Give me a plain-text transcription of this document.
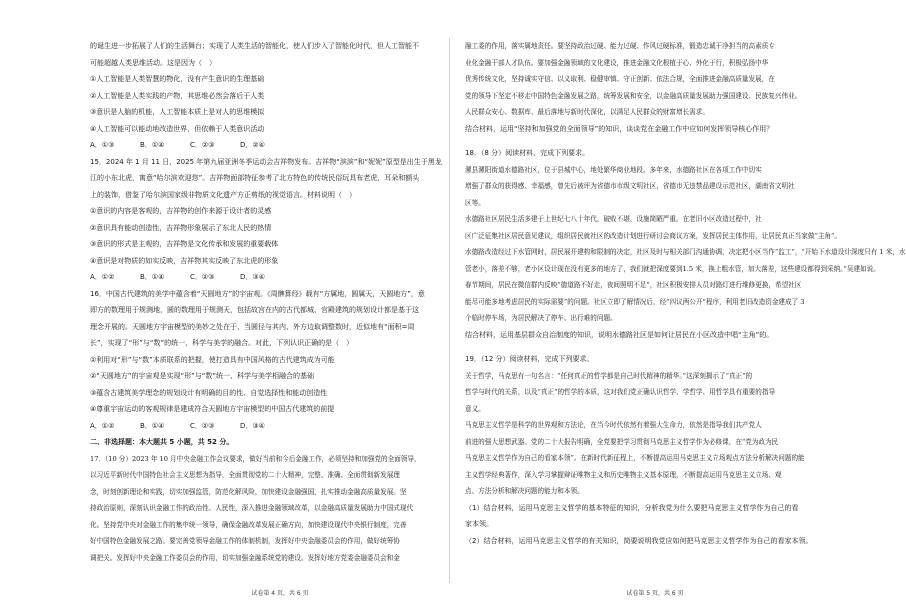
的诞生进一步拓展了人们的生活舞台；实现了人类生活的智能化，使人们步入了智能化时代，但人工智能不

可能超越人类思维活动。这是因为（　）

①人工智能是人类智慧的物化，没有产生意识的生理基础

②人工智能是人类实践的产物，其思维必然会落后于人类

③意识是人脑的机能，人工智能本质上是对人的思维模拟

④人工智能可以能动地改造世界，但依赖于人类意识活动

A．①③	B．①④	C．②③	D．②④

15．2024 年 1 月 11 日，2025 年第九届亚洲冬季运动会吉祥物发布。吉祥物“滨滨”和“妮妮”原型是出生于黑龙

江的小东北虎，寓意“哈尔滨欢迎您”。吉祥物面部特征参考了北方特色的传统民俗玩具布老虎，耳朵和额头

上的装饰，借鉴了哈尔滨国家级非物质文化遗产方正剪纸的视觉语言。材料说明（　）

①意识的内容是客观的，吉祥物的创作来源于设计者的灵感

②意识具有能动创造性，吉祥物形象展示了东北人民的热情

③意识的形式是主观的，吉祥物是文化传承和发展的重要载体

④意识是对物质的如实反映，吉祥物其实反映了东北虎的形象

A．①②	B．①④	C．②③	D．③④

16．中国古代建筑的美学中蕴含着“天圆地方”的宇宙观。《周髀算经》载有“方属地，圆属天，天圆地方”，意

即方的数理用于规测地，圆的数理用于规测天，包括故宫在内的古代都城、官殿建筑的规划设计都是基于这

理念开展的。天圆地方宇宙模型的美妙之处在于，当圆径与其内、外方边取调整数时，近似地有“面积=周

长”，实现了“形”与“数”的统一，科学与美学的融合。对此，下列认识正确的是（　）

①利用对“形”与“数”本质联系的把握，使打造具有中国风格的古代建筑成为可能

②“天圆地方”的宇宙观是实现“形”与“数”统一、科学与美学相融合的基础

③蕴含古建筑美学理念的规划设计有明确的目的性、自觉选择性和能动创造性

④尊重宇宙运动的客观规律是建成符合天圆地方宇宙模型的中国古代建筑的前提

A．①②	B．①④	C．②③	D．③④

二、非选择题：本大题共 5 小题，共 52 分。

17．（10 分）2023 年 10 月中央金融工作会议要求，做好当前和今后金融工作，必须坚持和加强党的全面领导，

以习近平新时代中国特色社会主义思想为指导，全面贯彻党的二十大精神，完整、准确、全面贯彻新发展理

念，时刻创新理论和实践，切实加强监管，防范化解风险，加快建设金融强国，扎实推动金融高质量发展。坚

持政治原则，深刻认识金融工作的政治性、人民性，深入推进金融领域改革，以金融高质量发展助力中国式现代

化。坚持党中央对金融工作的集中统一领导，确保金融改革发展正确方向，加快建设现代中央银行制度，完善

好中国特色金融发展之路。要完善党领导金融工作的体制机制，发挥好中央金融委员会的作用，做好统筹协

调把关。发挥好中央金融工作委员会的作用，切实加强金融系统党的建设。发挥好地方党委金融委员会和金

融工委的作用，落实属地责任。要坚持政治过硬、能力过硬、作风过硬标准，锻造忠诚干净担当的高素质专

业化金融干部人才队伍。要加强金融领域的文化建设，推进金融文化根植于心、外化于行，积极弘扬中华

优秀传统文化，坚持诚实守信、以义取利、稳健审慎、守正创新、依法合规，全面推进金融高质量发展，在

党的领导下坚定不移走中国特色金融发展之路，统筹发展和安全，以金融高质量发展助力强国建设、民族复兴伟业。

人民群众安心、数据库、最后落地与新时代深化，以满足人民群众的财富增长需求。

结合材料，运用“坚持和加强党的全面领导”的知识，谈谈党在金融工作中应如何发挥领导核心作用？

18．（8 分）阅读材料，完成下列要求。

漯县漯阳街道水德路社区，位于县城中心，地处繁华商业地段。多年来，水德路社区在各项工作中切实

增强了群众的获得感、幸福感，曾先后被评为省德市市级文明社区，省德市无违禁品建设示范社区，湖南省文明社

区等。

水德路社区居民生活多建于上世纪七八十年代，破败不堪，设施简陋严重。在老旧小区改造过程中，社

区广泛征集社区居民意见建议，组织居民就社区的改造计划进行研讨会商议方案，发挥居民主体作用，让居民真正当家做“主角”。

水德路改造经过下水管网时，居民展开建构和限制的决定，社区及时与相关部门沟通协调，决定把小区当作“监工”，“开始下水道设计深度只有 1 米，水

管老小，落差不够，老小区设计现在没有更多的地方了，我们就把深度要到1.5 米，换上粗水管，加大落差，这些建设都得到采纳。”吴建如说。

春节期间，居民在微信群内反映“德道路不好走，夜间照明不足”，社区积极安排人员对路灯进行维修更换，希望社区

能尽可能多地考虑居民的实际需要”的问题。社区立即了解情况后，经“四议两公开”程序，利用老旧改造资金建成了 3

个临时停车场，为居民解决了停车、出行难的问题。

结合材料，运用基层群众自治制度的知识，说明水德路社区是如何让居民在小区改造中唱“主角”的。

19．（12 分）阅读材料，完成下列要求。

关于哲学，马克思有一句名言：“任何真正的哲学都是自己时代精神的精华。”这深刻揭示了“真正”的

哲学与时代的关系，以及“真正”的哲学的本质，这对我们党正确认识哲学、学哲学、用哲学具有重要的指导

意义。

马克思主义哲学是科学的世界观和方法论，在当今时代依然有着强大生命力，依然是指导我们共产党人

前进的强大思想武器。党的二十大报告明确，全党要把学习贯彻马克思主义哲学作为必修课，在“党为政为民

马克思主义哲学作为自己的看家本领”。在新时代新征程上，不断提高运用马克思主义立场观点方法分析解决问题的能

主义哲学经典著作，深入学习掌握辩证唯物主义和历史唯物主义基本原理，不断提高运用马克思主义立场、观

点、方法分析和解决问题的能力和本领。

（1）结合材料，运用马克思主义哲学的基本特征的知识，分析我党为什么要把马克思主义哲学作为自己的看

家本领。

（2）结合材料，运用马克思主义哲学的有关知识，简要说明我党应如何把马克思主义哲学作为自己的看家本领。

试卷第 4 页，共 6 页	试卷第 5 页，共 6 页
